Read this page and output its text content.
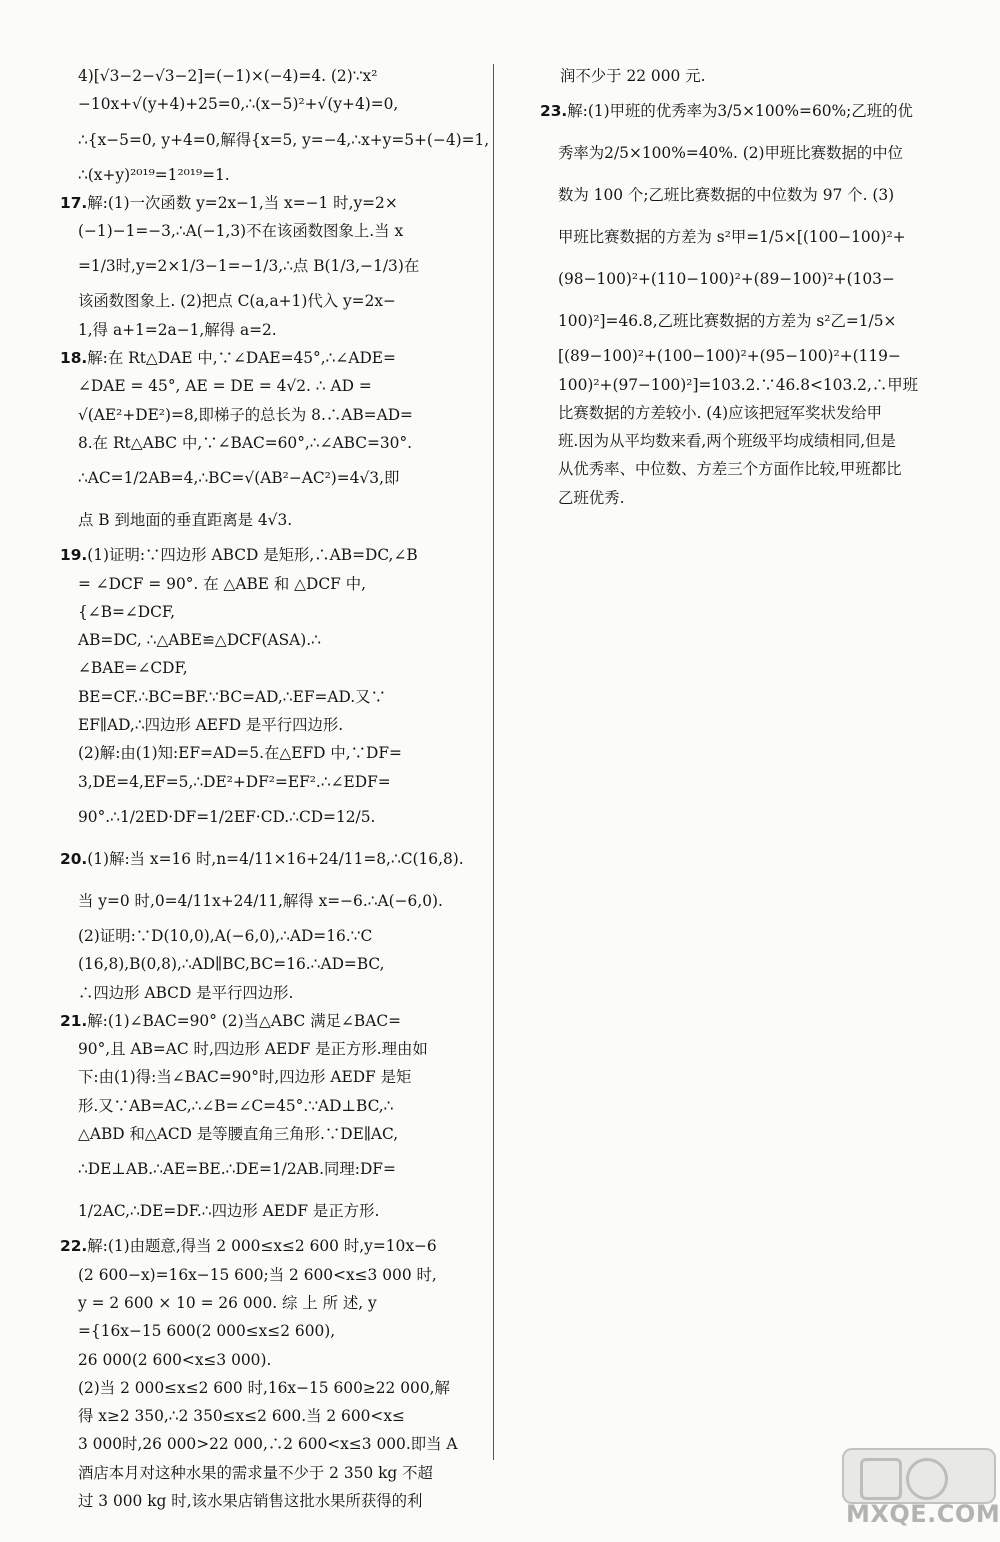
4)[√3−2−√3−2]=(−1)×(−4)=4. (2)∵x²
−10x+√(y+4)+25=0,∴(x−5)²+√(y+4)=0,
∴{x−5=0, y+4=0,解得{x=5, y=−4,∴x+y=5+(−4)=1,
∴(x+y)²⁰¹⁹=1²⁰¹⁹=1.
17.解:(1)一次函数 y=2x−1,当 x=−1 时,y=2×
(−1)−1=−3,∴A(−1,3)不在该函数图象上.当 x
=1/3时,y=2×1/3−1=−1/3,∴点 B(1/3,−1/3)在
该函数图象上. (2)把点 C(a,a+1)代入 y=2x−
1,得 a+1=2a−1,解得 a=2.
18.解:在 Rt△DAE 中,∵∠DAE=45°,∴∠ADE=
∠DAE = 45°, AE = DE = 4√2. ∴ AD =
√(AE²+DE²)=8,即梯子的总长为 8.∴AB=AD=
8.在 Rt△ABC 中,∵∠BAC=60°,∴∠ABC=30°.
∴AC=1/2AB=4,∴BC=√(AB²−AC²)=4√3,即
点 B 到地面的垂直距离是 4√3.
19.(1)证明:∵四边形 ABCD 是矩形,∴AB=DC,∠B
= ∠DCF = 90°. 在 △ABE 和 △DCF 中,
{∠B=∠DCF,
AB=DC, ∴△ABE≌△DCF(ASA).∴
∠BAE=∠CDF,
BE=CF.∴BC=BF.∵BC=AD,∴EF=AD.又∵
EF∥AD,∴四边形 AEFD 是平行四边形.
(2)解:由(1)知:EF=AD=5.在△EFD 中,∵DF=
3,DE=4,EF=5,∴DE²+DF²=EF².∴∠EDF=
90°.∴1/2ED·DF=1/2EF·CD.∴CD=12/5.
20.(1)解:当 x=16 时,n=4/11×16+24/11=8,∴C(16,8).
当 y=0 时,0=4/11x+24/11,解得 x=−6.∴A(−6,0).
(2)证明:∵D(10,0),A(−6,0),∴AD=16.∵C
(16,8),B(0,8),∴AD∥BC,BC=16.∴AD=BC,
∴四边形 ABCD 是平行四边形.
21.解:(1)∠BAC=90° (2)当△ABC 满足∠BAC=
90°,且 AB=AC 时,四边形 AEDF 是正方形.理由如
下:由(1)得:当∠BAC=90°时,四边形 AEDF 是矩
形.又∵AB=AC,∴∠B=∠C=45°.∵AD⊥BC,∴
△ABD 和△ACD 是等腰直角三角形.∵DE∥AC,
∴DE⊥AB.∴AE=BE.∴DE=1/2AB.同理:DF=
1/2AC,∴DE=DF.∴四边形 AEDF 是正方形.
22.解:(1)由题意,得当 2 000≤x≤2 600 时,y=10x−6
(2 600−x)=16x−15 600;当 2 600<x≤3 000 时,
y = 2 600 × 10 = 26 000. 综 上 所 述, y
={16x−15 600(2 000≤x≤2 600),
26 000(2 600<x≤3 000).
(2)当 2 000≤x≤2 600 时,16x−15 600≥22 000,解
得 x≥2 350,∴2 350≤x≤2 600.当 2 600<x≤
3 000时,26 000>22 000,∴2 600<x≤3 000.即当 A
酒店本月对这种水果的需求量不少于 2 350 kg 不超
过 3 000 kg 时,该水果店销售这批水果所获得的利
润不少于 22 000 元.
23.解:(1)甲班的优秀率为3/5×100%=60%;乙班的优
秀率为2/5×100%=40%. (2)甲班比赛数据的中位
数为 100 个;乙班比赛数据的中位数为 97 个. (3)
甲班比赛数据的方差为 s²甲=1/5×[(100−100)²+
(98−100)²+(110−100)²+(89−100)²+(103−
100)²]=46.8,乙班比赛数据的方差为 s²乙=1/5×
[(89−100)²+(100−100)²+(95−100)²+(119−
100)²+(97−100)²]=103.2.∵46.8<103.2,∴甲班
比赛数据的方差较小. (4)应该把冠军奖状发给甲
班.因为从平均数来看,两个班级平均成绩相同,但是
从优秀率、中位数、方差三个方面作比较,甲班都比
乙班优秀.
MXQE.COM
